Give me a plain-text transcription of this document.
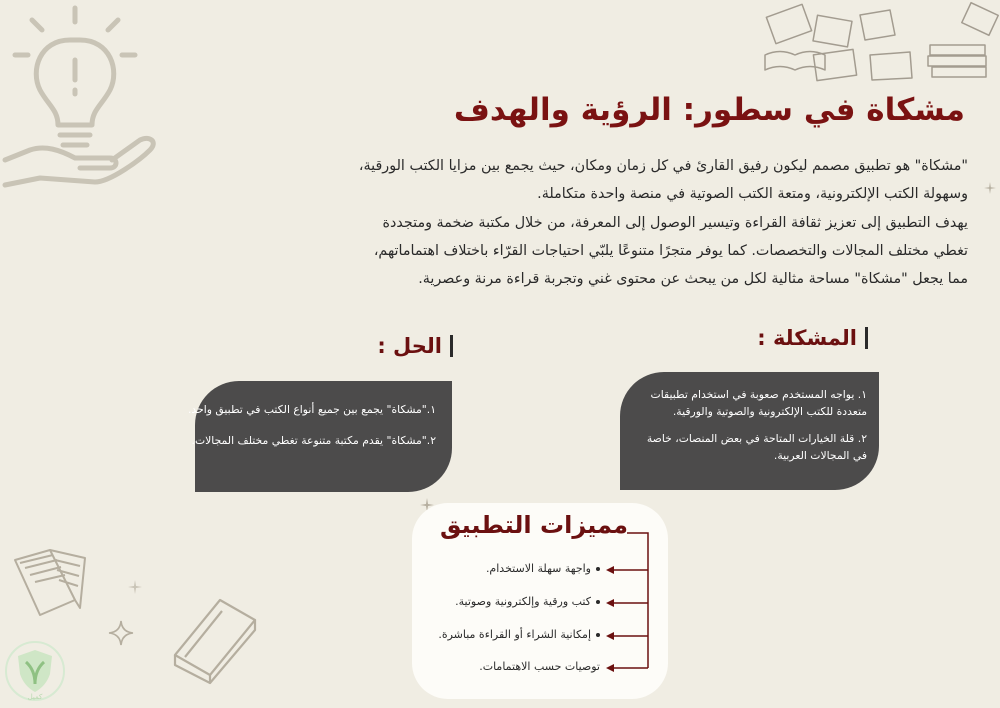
مشكاة في سطور: الرؤية والهدف

"مشكاة" هو تطبيق مصمم ليكون رفيق القارئ في كل زمان ومكان، حيث يجمع بين مزايا الكتب الورقية،

وسهولة الكتب الإلكترونية، ومتعة الكتب الصوتية في منصة واحدة متكاملة.

يهدف التطبيق إلى تعزيز ثقافة القراءة وتيسير الوصول إلى المعرفة، من خلال مكتبة ضخمة ومتجددة

تغطي مختلف المجالات والتخصصات. كما يوفر متجرًا متنوعًا يلبّي احتياجات القرّاء باختلاف اهتماماتهم،

مما يجعل "مشكاة" مساحة مثالية لكل من يبحث عن محتوى غني وتجربة قراءة مرنة وعصرية.

المشكلة :
الحل :

١."مشكاة" يجمع بين جميع أنواع الكتب في تطبيق واحد.

٢."مشكاة" يقدم مكتبة متنوعة تغطي مختلف المجالات.

١. يواجه المستخدم صعوبة في استخدام تطبيقات

متعددة للكتب الإلكترونية والصوتية والورقية.

٢. قلة الخيارات المتاحة في بعض المنصات، خاصة

في المجالات العربية.

مميزات التطبيق
واجهة سهلة الاستخدام.
كتب ورقية وإلكترونية وصوتية.
إمكانية الشراء أو القراءة مباشرة.
توصيات حسب الاهتمامات.
كميل
